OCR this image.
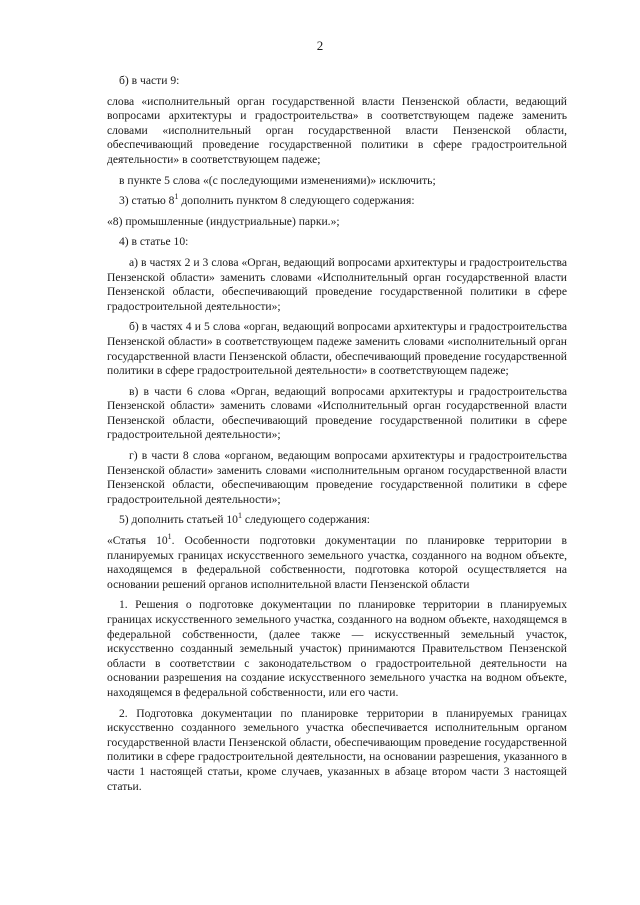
2

б) в части 9:

слова «исполнительный орган государственной власти Пензенской области, ведающий вопросами архитектуры и градостроительства» в соответствующем падеже заменить словами «исполнительный орган государственной власти Пензенской области, обеспечивающий проведение государственной политики в сфере градостроительной деятельности» в соответствующем падеже;

в пункте 5 слова «(с последующими изменениями)» исключить;

3) статью $8^1$ дополнить пунктом 8 следующего содержания:

«8) промышленные (индустриальные) парки.»;

4) в статье 10:

а) в частях 2 и 3 слова «Орган, ведающий вопросами архитектуры и градостроительства Пензенской области» заменить словами «Исполнительный орган государственной власти Пензенской области, обеспечивающий проведение государственной политики в сфере градостроительной деятельности»;

б) в частях 4 и 5 слова «орган, ведающий вопросами архитектуры и градостроительства Пензенской области» в соответствующем падеже заменить словами «исполнительный орган государственной власти Пензенской области, обеспечивающий проведение государственной политики в сфере градостроительной деятельности» в соответствующем падеже;

в) в части 6 слова «Орган, ведающий вопросами архитектуры и градостроительства Пензенской области» заменить словами «Исполнительный орган государственной власти Пензенской области, обеспечивающий проведение государственной политики в сфере градостроительной деятельности»;

г) в части 8 слова «органом, ведающим вопросами архитектуры и градостроительства Пензенской области» заменить словами «исполнительным органом государственной власти Пензенской области, обеспечивающим проведение государственной политики в сфере градостроительной деятельности»;

5) дополнить статьей $10^1$ следующего содержания:

«Статья $10^1$. Особенности подготовки документации по планировке территории в планируемых границах искусственного земельного участка, созданного на водном объекте, находящемся в федеральной собственности, подготовка которой осуществляется на основании решений органов исполнительной власти Пензенской области

1. Решения о подготовке документации по планировке территории в планируемых границах искусственного земельного участка, созданного на водном объекте, находящемся в федеральной собственности, (далее также — искусственный земельный участок, искусственно созданный земельный участок) принимаются Правительством Пензенской области в соответствии с законодательством о градостроительной деятельности на основании разрешения на создание искусственного земельного участка на водном объекте, находящемся в федеральной собственности, или его части.

2. Подготовка документации по планировке территории в планируемых границах искусственно созданного земельного участка обеспечивается исполнительным органом государственной власти Пензенской области, обеспечивающим проведение государственной политики в сфере градостроительной деятельности, на основании разрешения, указанного в части 1 настоящей статьи, кроме случаев, указанных в абзаце втором части 3 настоящей статьи.
